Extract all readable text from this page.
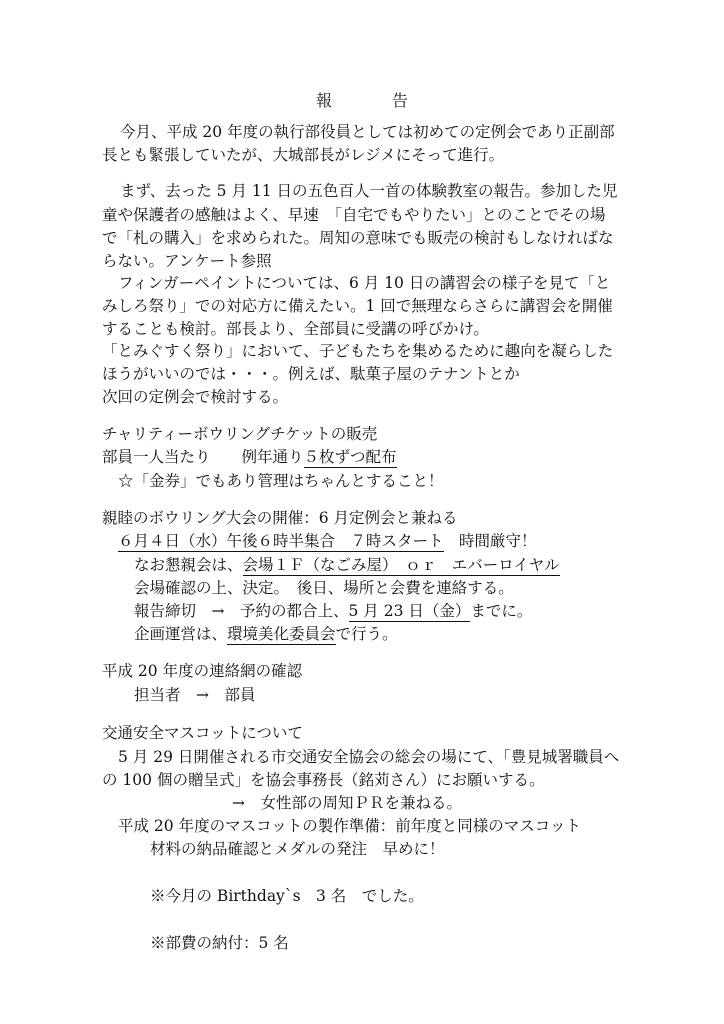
報　告
今月、平成 20 年度の執行部役員としては初めての定例会であり正副部
長とも緊張していたが、大城部長がレジメにそって進行。
まず、去った 5 月 11 日の五色百人一首の体験教室の報告。参加した児
童や保護者の感触はよく、早速　「自宅でもやりたい」とのことでその場
で「札の購入」を求められた。周知の意味でも販売の検討もしなければな
らない。アンケート参照
フィンガーペイントについては、6 月 10 日の講習会の様子を見て「と
みしろ祭り」での対応方に備えたい。1 回で無理ならさらに講習会を開催
することも検討。部長より、全部員に受講の呼びかけ。
「とみぐすく祭り」において、子どもたちを集めるために趣向を凝らした
ほうがいいのでは・・・。例えば、駄菓子屋のテナントとか
次回の定例会で検討する。
チャリティーボウリングチケットの販売
部員一人当たり　　例年通り５枚ずつ配布
☆「金券」でもあり管理はちゃんとすること！
親睦のボウリング大会の開催：6 月定例会と兼ねる
６月４日（水）午後６時半集合　７時スタート　時間厳守！
なお懇親会は、会場１Ｆ（なごみ屋）　ｏｒ　エバーロイヤル
会場確認の上、決定。　後日、場所と会費を連絡する。
報告締切　→　予約の都合上、5 月 23 日（金）までに。
企画運営は、環境美化委員会で行う。
平成 20 年度の連絡網の確認
担当者　→　部員
交通安全マスコットについて
5 月 29 日開催される市交通安全協会の総会の場にて、「豊見城署職員へ
の 100 個の贈呈式」を協会事務長（銘苅さん）にお願いする。
→　女性部の周知ＰＲを兼ねる。
平成 20 年度のマスコットの製作準備：前年度と同様のマスコット
材料の納品確認とメダルの発注　早めに！
※今月の Birthday`s　3 名　でした。
※部費の納付：5 名
